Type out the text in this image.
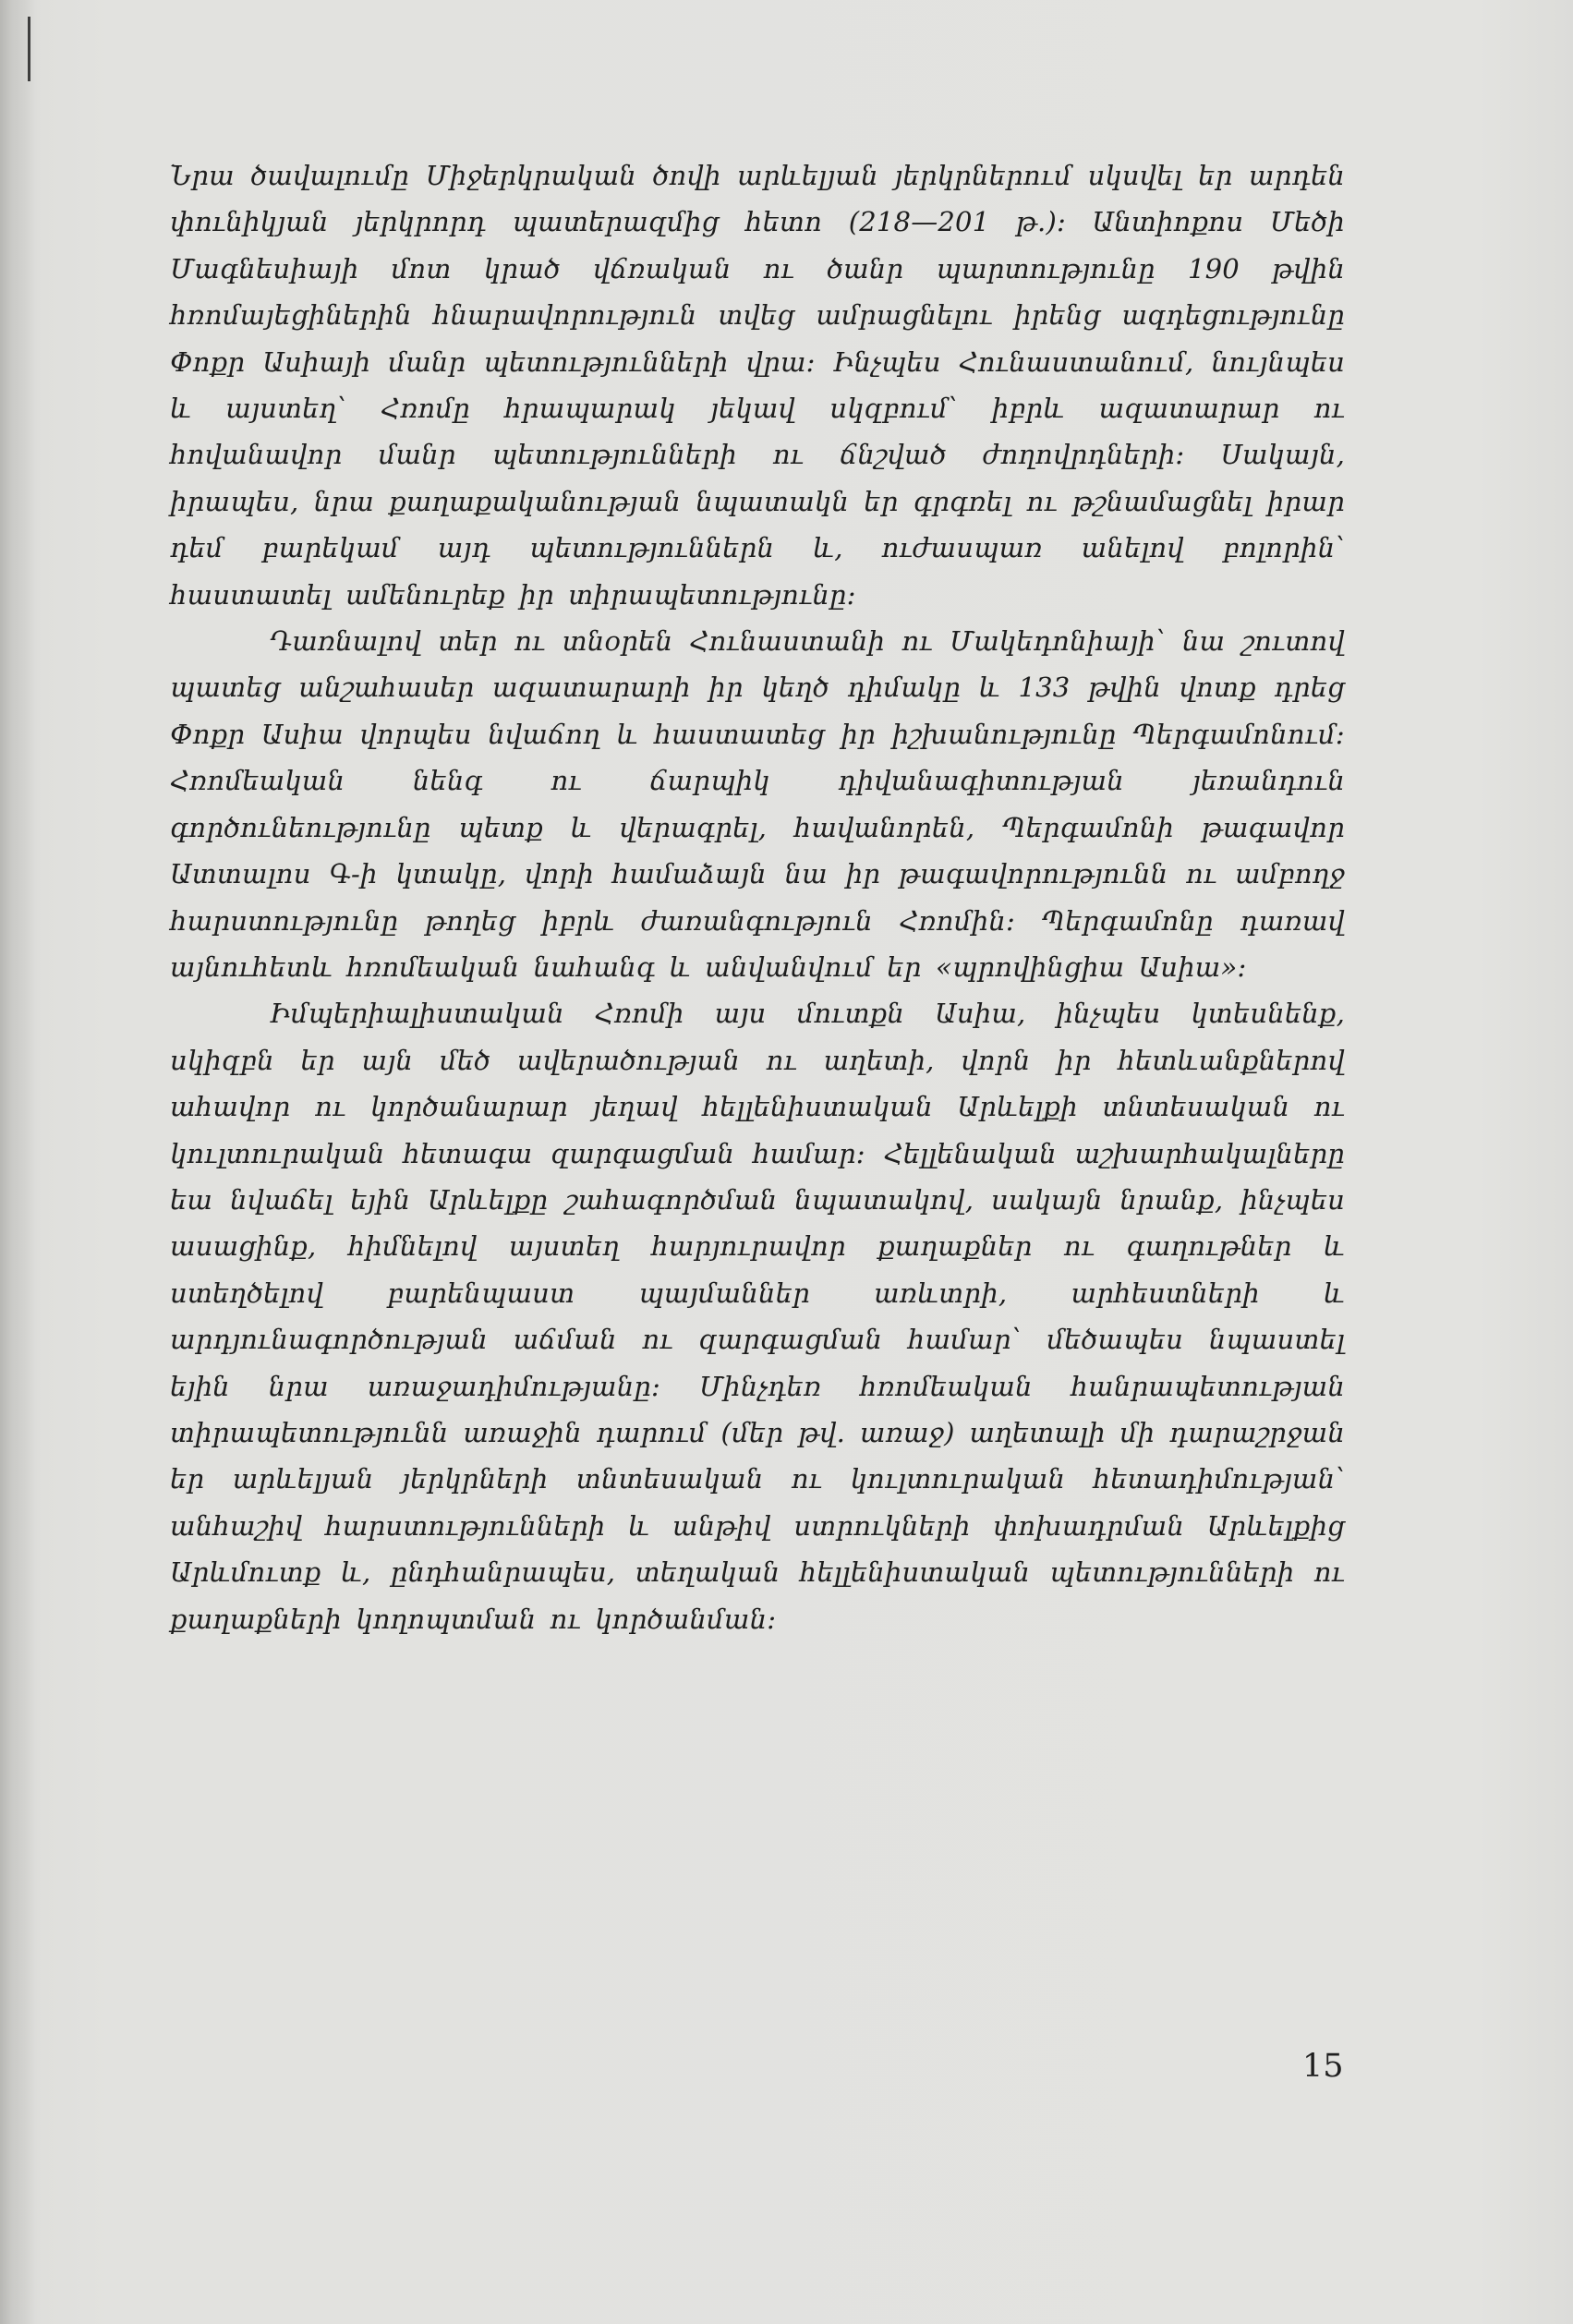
Նրա ծավալումը Միջերկրական ծովի արևելյան յերկրներում սկսվել եր արդեն փունիկյան յերկրորդ պատերազմից հետո (218—201 թ.)։ Անտիոքոս Մեծի Մագնեսիայի մոտ կրած վճռական ու ծանր պարտությունը 190 թվին հռոմայեցիներին հնարավորություն տվեց ամրացնելու իրենց ազդեցությունը Փոքր Ասիայի մանր պետությունների վրա։ Ինչպես Հունաստանում, նույնպես և այստեղ՝ Հռոմը հրապարակ յեկավ սկզբում՝ իբրև ազատարար ու հովանավոր մանր պետությունների ու ճնշված ժողովրդների։ Սակայն, իրապես, նրա քաղաքականության նպատակն եր գրգռել ու թշնամացնել իրար դեմ բարեկամ այդ պետություններն և, ուժասպառ անելով բոլորին՝ հաստատել ամենուրեք իր տիրապետությունը։

Դառնալով տեր ու տնօրեն Հունաստանի ու Մակեդոնիայի՝ նա շուտով պատեց անշահասեր ազատարարի իր կեղծ դիմակը և 133 թվին վոտք դրեց Փոքր Ասիա վորպես նվաճող և հաստատեց իր իշխանությունը Պերգամոնում։ Հռոմեական նենգ ու ճարպիկ դիվանագիտության յեռանդուն գործունեությունը պետք և վերագրել, հավանորեն, Պերգամոնի թագավոր Ատտալոս Գ-ի կտակը, վորի համաձայն նա իր թագավորությունն ու ամբողջ հարստությունը թողեց իբրև ժառանգություն Հռոմին։ Պերգամոնը դառավ այնուհետև հռոմեական նահանգ և անվանվում եր «պրովինցիա Ասիա»։

Իմպերիալիստական Հռոմի այս մուտքն Ասիա, ինչպես կտեսնենք, սկիզբն եր այն մեծ ավերածության ու աղետի, վորն իր հետևանքներով ահավոր ու կործանարար յեղավ հելլենիստական Արևելքի տնտեսական ու կուլտուրական հետագա զարգացման համար։ Հելլենական աշխարհակալները եա նվաճել եյին Արևելքը շահագործման նպատակով, սակայն նրանք, ինչպես ասացինք, հիմնելով այստեղ հարյուրավոր քաղաքներ ու գաղութներ և ստեղծելով բարենպաստ պայմաններ առևտրի, արհեստների և արդյունագործության աճման ու զարգացման համար՝ մեծապես նպաստել եյին նրա առաջադիմությանը։ Մինչդեռ հռոմեական հանրապետության տիրապետությունն առաջին դարում (մեր թվ. առաջ) աղետալի մի դարաշրջան եր արևելյան յերկրների տնտեսական ու կուլտուրական հետադիմության՝ անհաշիվ հարստությունների և անթիվ ստրուկների փոխադրման Արևելքից Արևմուտք և, ընդհանրապես, տեղական հելլենիստական պետությունների ու քաղաքների կողոպտման ու կործանման։

15
